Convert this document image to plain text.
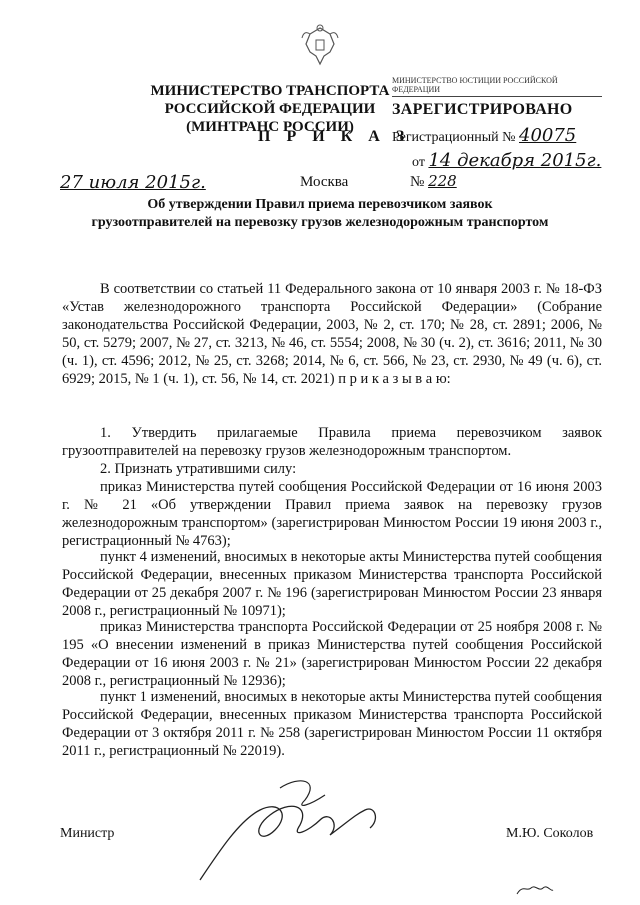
МИНИСТЕРСТВО ТРАНСПОРТА РОССИЙСКОЙ ФЕДЕРАЦИИ
(МИНТРАНС РОССИИ)
П Р И К А З
МИНИСТЕРСТВО ЮСТИЦИИ РОССИЙСКОЙ ФЕДЕРАЦИИ
ЗАРЕГИСТРИРОВАНО
Регистрационный № 40075
от 14 декабря 2015г.
27 июля 2015г.	Москва	№ 228
Об утверждении Правил приема перевозчиком заявок
грузоотправителей на перевозку грузов железнодорожным транспортом
В соответствии со статьей 11 Федерального закона от 10 января 2003 г. № 18-ФЗ «Устав железнодорожного транспорта Российской Федерации» (Собрание законодательства Российской Федерации, 2003, № 2, ст. 170; № 28, ст. 2891; 2006, № 50, ст. 5279; 2007, № 27, ст. 3213, № 46, ст. 5554; 2008, № 30 (ч. 2), ст. 3616; 2011, № 30 (ч. 1), ст. 4596; 2012, № 25, ст. 3268; 2014, № 6, ст. 566, № 23, ст. 2930, № 49 (ч. 6), ст. 6929; 2015, № 1 (ч. 1), ст. 56, № 14, ст. 2021) п р и к а з ы в а ю:
1. Утвердить прилагаемые Правила приема перевозчиком заявок грузоотправителей на перевозку грузов железнодорожным транспортом.
2. Признать утратившими силу:
приказ Министерства путей сообщения Российской Федерации от 16 июня 2003 г. № 21 «Об утверждении Правил приема заявок на перевозку грузов железнодорожным транспортом» (зарегистрирован Минюстом России 19 июня 2003 г., регистрационный № 4763);
пункт 4 изменений, вносимых в некоторые акты Министерства путей сообщения Российской Федерации, внесенных приказом Министерства транспорта Российской Федерации от 25 декабря 2007 г. № 196 (зарегистрирован Минюстом России 23 января 2008 г., регистрационный № 10971);
приказ Министерства транспорта Российской Федерации от 25 ноября 2008 г. № 195 «О внесении изменений в приказ Министерства путей сообщения Российской Федерации от 16 июня 2003 г. № 21» (зарегистрирован Минюстом России 22 декабря 2008 г., регистрационный № 12936);
пункт 1 изменений, вносимых в некоторые акты Министерства путей сообщения Российской Федерации, внесенных приказом Министерства транспорта Российской Федерации от 3 октября 2011 г. № 258 (зарегистрирован Минюстом России 11 октября 2011 г., регистрационный № 22019).
Министр	М.Ю. Соколов
